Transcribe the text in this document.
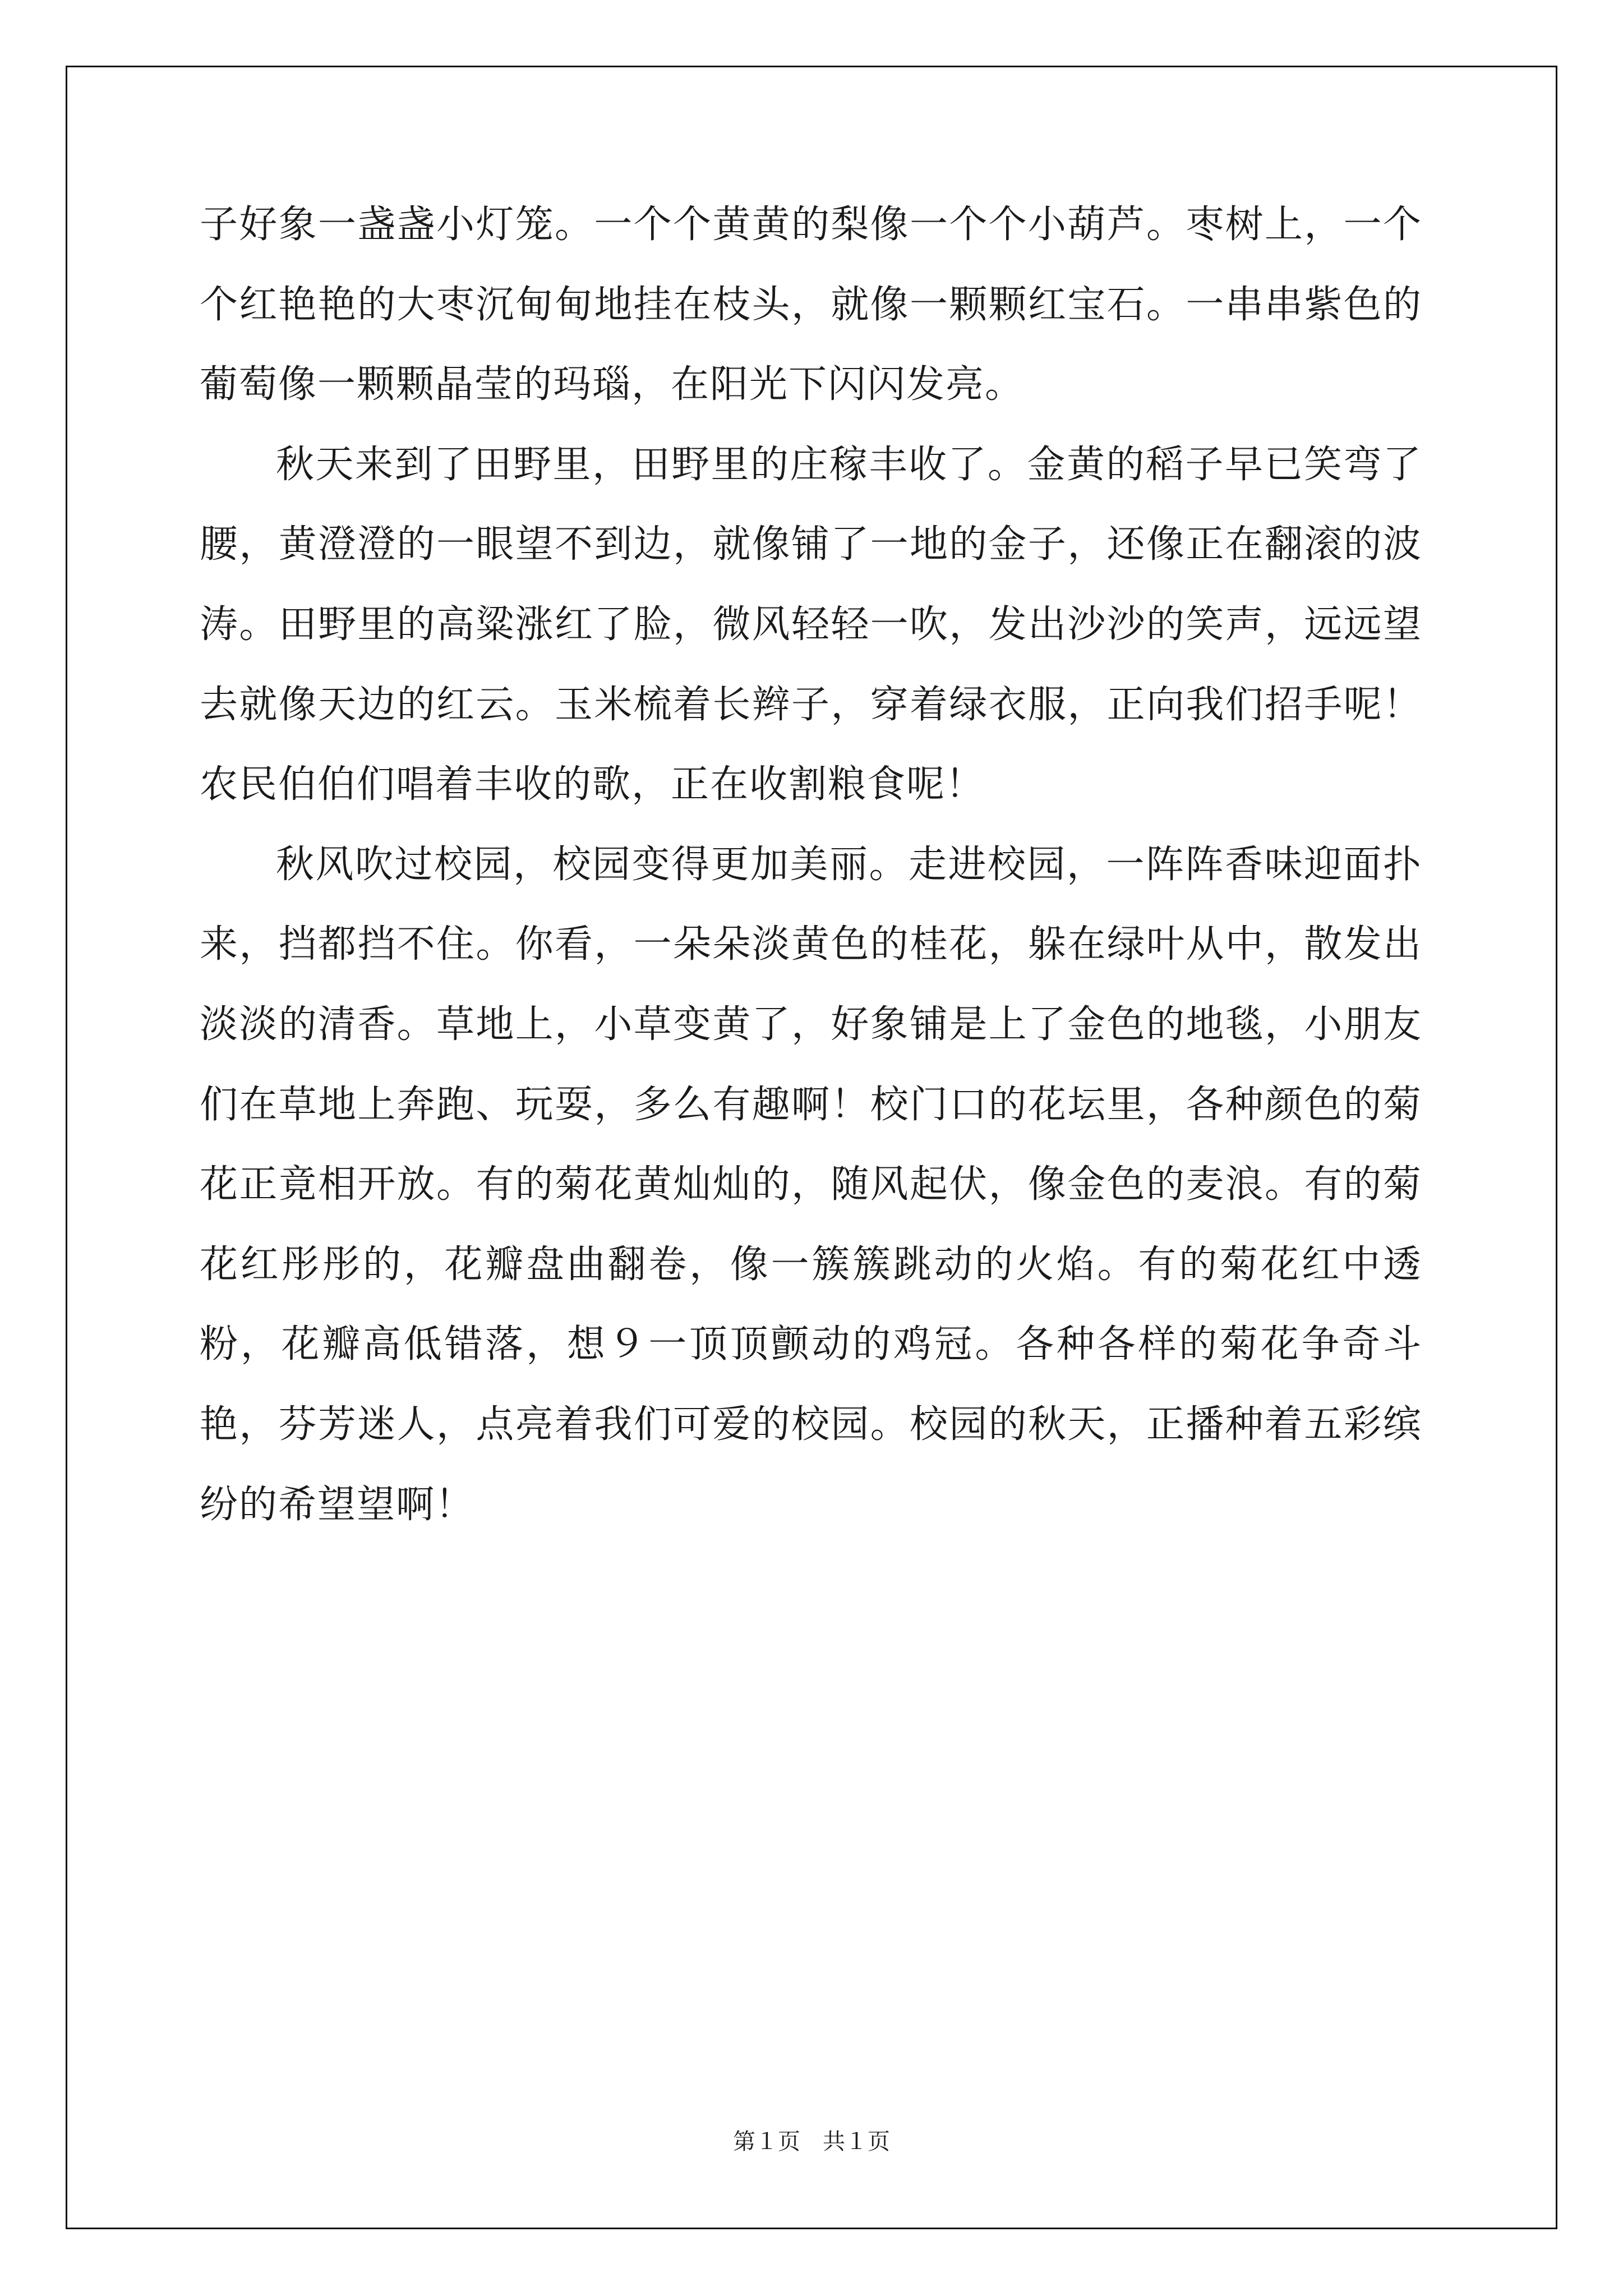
子好象一盏盏小灯笼。一个个黄黄的梨像一个个小葫芦。枣树上，一个个红艳艳的大枣沉甸甸地挂在枝头，就像一颗颗红宝石。一串串紫色的葡萄像一颗颗晶莹的玛瑙，在阳光下闪闪发亮。

秋天来到了田野里，田野里的庄稼丰收了。金黄的稻子早已笑弯了腰，黄澄澄的一眼望不到边，就像铺了一地的金子，还像正在翻滚的波涛。田野里的高粱涨红了脸，微风轻轻一吹，发出沙沙的笑声，远远望去就像天边的红云。玉米梳着长辫子，穿着绿衣服，正向我们招手呢！农民伯伯们唱着丰收的歌，正在收割粮食呢！

秋风吹过校园，校园变得更加美丽。走进校园，一阵阵香味迎面扑来，挡都挡不住。你看，一朵朵淡黄色的桂花，躲在绿叶从中，散发出淡淡的清香。草地上，小草变黄了，好象铺是上了金色的地毯，小朋友们在草地上奔跑、玩耍，多么有趣啊！校门口的花坛里，各种颜色的菊花正竟相开放。有的菊花黄灿灿的，随风起伏，像金色的麦浪。有的菊花红彤彤的，花瓣盘曲翻卷，像一簇簇跳动的火焰。有的菊花红中透粉，花瓣高低错落，想９一顶顶颤动的鸡冠。各种各样的菊花争奇斗艳，芬芳迷人，点亮着我们可爱的校园。校园的秋天，正播种着五彩缤纷的希望望啊！

第１页　共１页
